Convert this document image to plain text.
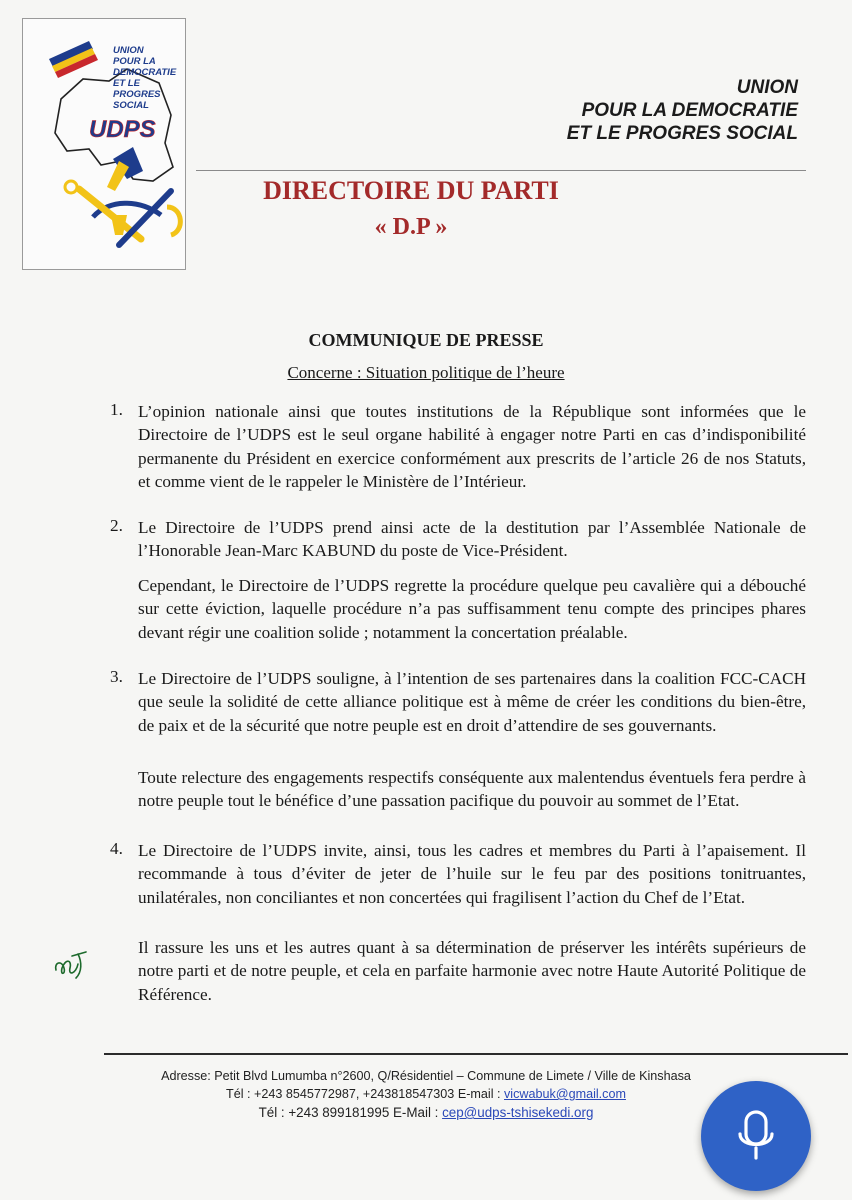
UDPS
UNION
POUR LA DEMOCRATIE
ET LE PROGRES SOCIAL
UNION
POUR LA DEMOCRATIE
ET LE PROGRES SOCIAL
DIRECTOIRE DU PARTI
« D.P »
COMMUNIQUE DE PRESSE
Concerne : Situation politique de l’heure
1. L’opinion nationale ainsi que toutes institutions de la République sont informées que le Directoire de l’UDPS est le seul organe habilité à engager notre Parti en cas d’indisponibilité permanente du Président en exercice conformément aux prescrits de l’article 26 de nos Statuts, et comme vient de le rappeler le Ministère de l’Intérieur.
2. Le Directoire de l’UDPS prend ainsi acte de la destitution par l’Assemblée Nationale de l’Honorable Jean-Marc KABUND du poste de Vice-Président.
Cependant, le Directoire de l’UDPS regrette la procédure quelque peu cavalière qui a débouché sur cette éviction, laquelle procédure n’a pas suffisamment tenu compte des principes phares devant régir une coalition solide ; notamment la concertation préalable.
3. Le Directoire de l’UDPS souligne, à l’intention de ses partenaires dans la coalition FCC-CACH que seule la solidité de cette alliance politique est à même de créer les conditions du bien-être, de paix et de la sécurité que notre peuple est en droit d’attendire de ses gouvernants.
Toute relecture des engagements respectifs conséquente aux malentendus éventuels fera perdre à notre peuple tout le bénéfice d’une passation pacifique du pouvoir au sommet de l’Etat.
4. Le Directoire de l’UDPS invite, ainsi, tous les cadres et membres du Parti à l’apaisement. Il recommande à tous d’éviter de jeter de l’huile sur le feu par des positions tonitruantes, unilatérales, non conciliantes et non concertées qui fragilisent l’action du Chef de l’Etat.
Il rassure les uns et les autres quant à sa détermination de préserver les intérêts supérieurs de notre parti et de notre peuple, et cela en parfaite harmonie avec notre Haute Autorité Politique de Référence.
Adresse: Petit Blvd Lumumba n°2600, Q/Résidentiel – Commune de Limete / Ville de Kinshasa
Tél : +243 8545772987, +243818547303 E-mail : vicwabuk@gmail.com
Tél : +243 899181995 E-Mail : cep@udps-tshisekedi.org
